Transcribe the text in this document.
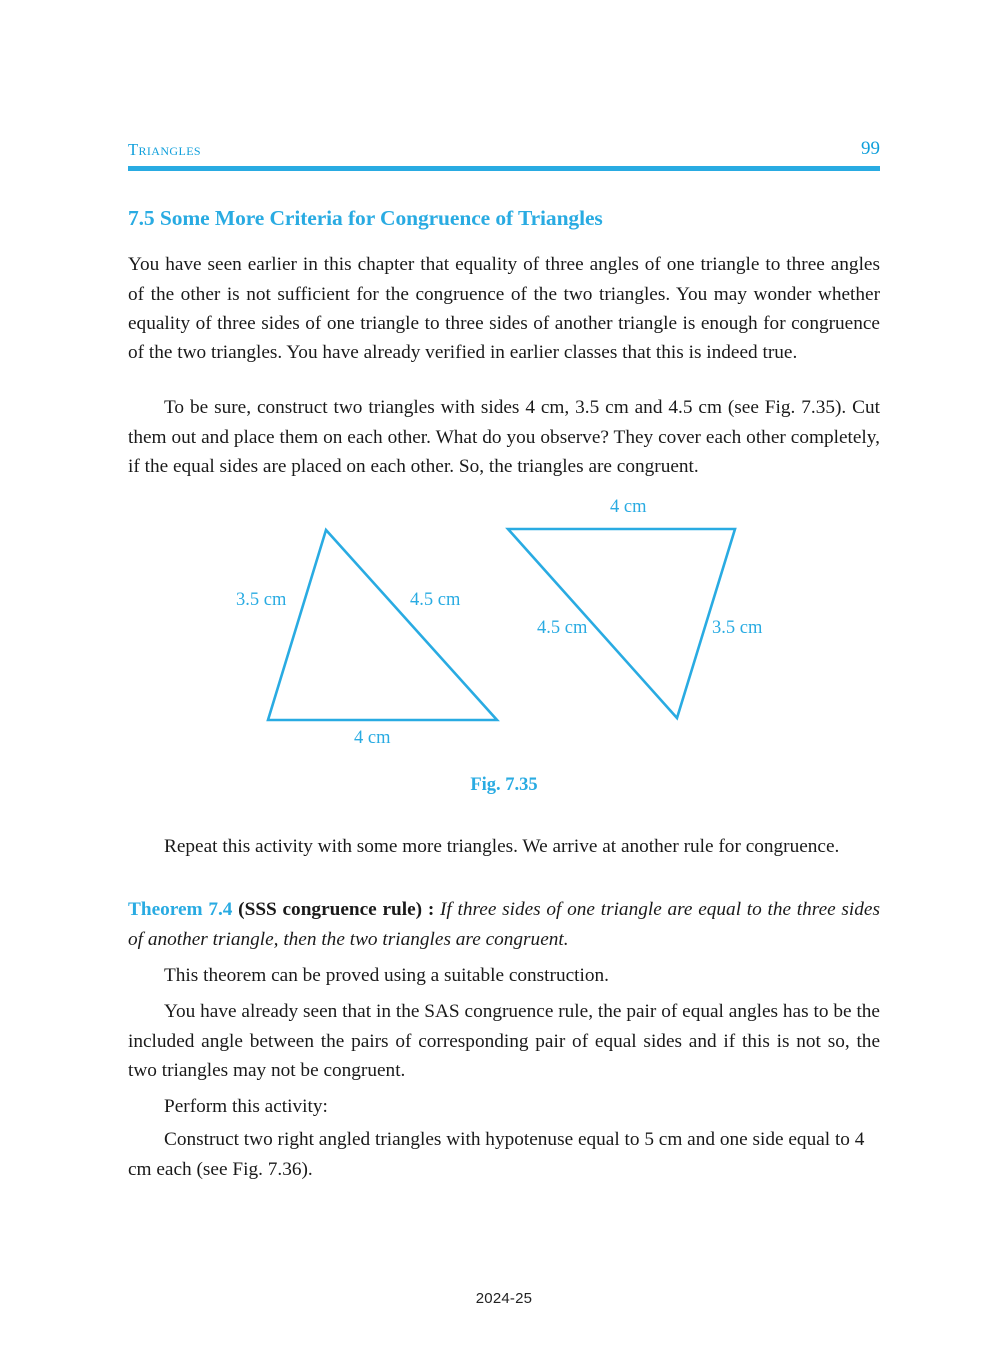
Triangles	99
7.5 Some More Criteria for Congruence of Triangles

You have seen earlier in this chapter that equality of three angles of one triangle to three angles of the other is not sufficient for the congruence of the two triangles. You may wonder whether equality of three sides of one triangle to three sides of another triangle is enough for congruence of the two triangles. You have already verified in earlier classes that this is indeed true.

To be sure, construct two triangles with sides 4 cm, 3.5 cm and 4.5 cm (see Fig. 7.35). Cut them out and place them on each other. What do you observe? They cover each other completely, if the equal sides are placed on each other. So, the triangles are congruent.

3.5 cm	4.5 cm
4 cm
4 cm
4.5 cm	3.5 cm
Fig. 7.35

Repeat this activity with some more triangles. We arrive at another rule for congruence.

Theorem 7.4 (SSS congruence rule) : If three sides of one triangle are equal to the three sides of another triangle, then the two triangles are congruent.

This theorem can be proved using a suitable construction.

You have already seen that in the SAS congruence rule, the pair of equal angles has to be the included angle between the pairs of corresponding pair of equal sides and if this is not so, the two triangles may not be congruent.

Perform this activity:

Construct two right angled triangles with hypotenuse equal to 5 cm and one side equal to 4 cm each (see Fig. 7.36).

2024-25
